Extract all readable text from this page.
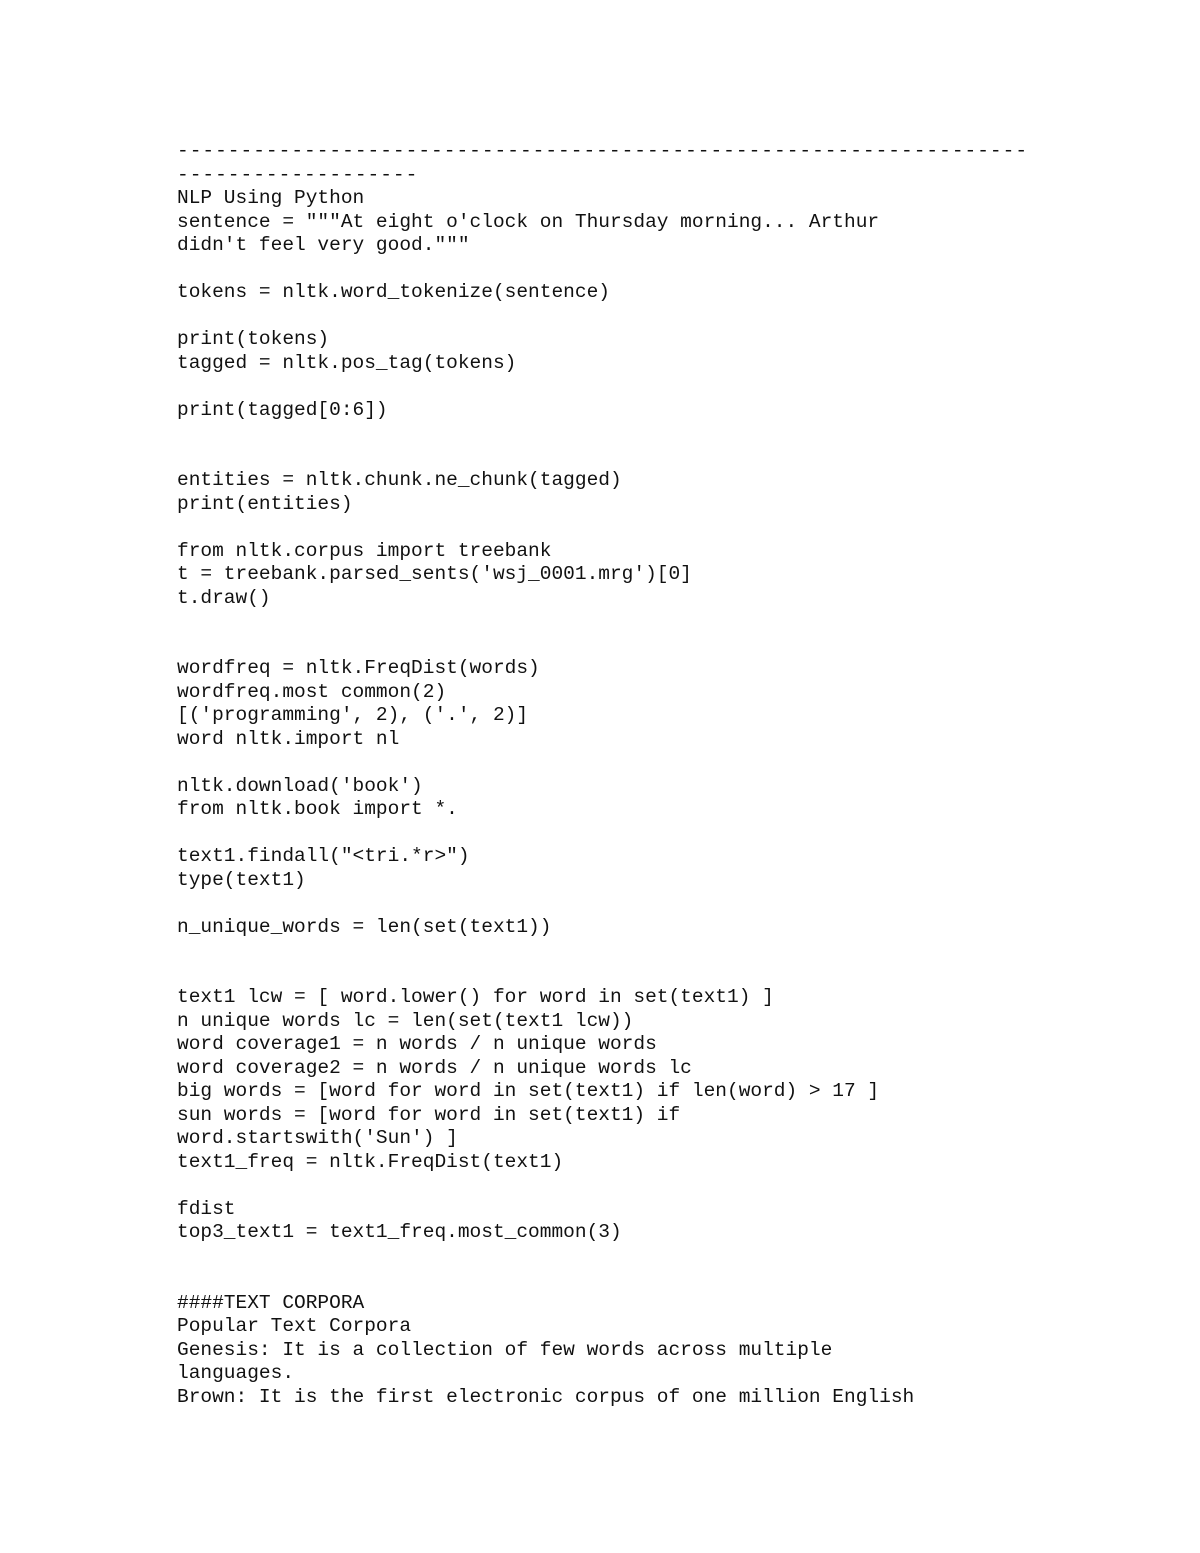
-------------------------------------------------------------------
-------------------
NLP Using Python
sentence = """At eight o'clock on Thursday morning... Arthur
didn't feel very good."""
tokens = nltk.word_tokenize(sentence)
print(tokens)
tagged = nltk.pos_tag(tokens)
print(tagged[0:6])
entities = nltk.chunk.ne_chunk(tagged)
print(entities)
from nltk.corpus import treebank
t = treebank.parsed_sents('wsj_0001.mrg')[0]
t.draw()
wordfreq = nltk.FreqDist(words)
wordfreq.most common(2)
[('programming', 2), ('.', 2)]
word nltk.import nl
nltk.download('book')
from nltk.book import *.
text1.findall("<tri.*r>")
type(text1)
n_unique_words = len(set(text1))
text1 lcw = [ word.lower() for word in set(text1) ]
n unique words lc = len(set(text1 lcw))
word coverage1 = n words / n unique words
word coverage2 = n words / n unique words lc
big words = [word for word in set(text1) if len(word) > 17 ]
sun words = [word for word in set(text1) if
word.startswith('Sun') ]
text1_freq = nltk.FreqDist(text1)
fdist
top3_text1 = text1_freq.most_common(3)
####TEXT CORPORA
Popular Text Corpora
Genesis: It is a collection of few words across multiple
languages.
Brown: It is the first electronic corpus of one million English
